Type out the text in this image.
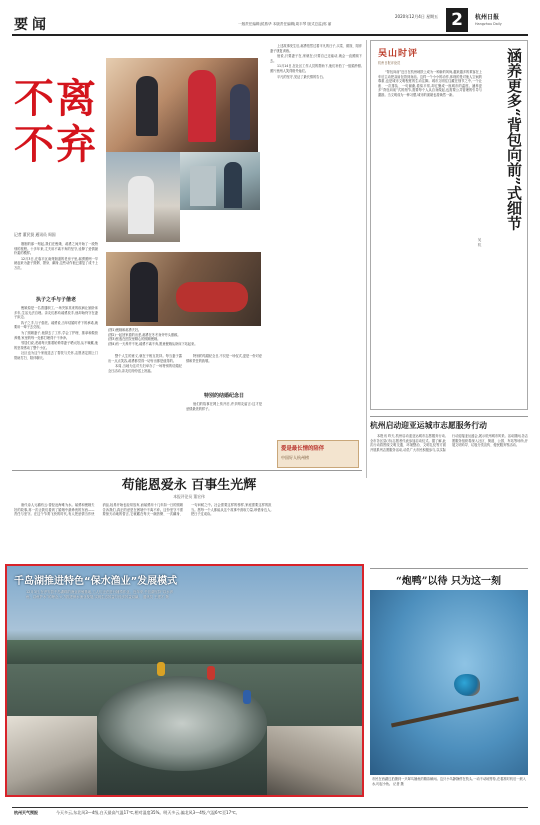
要闻	一版责任编辑|侯燕华 本版责任编辑|周丰琴 版式总监|郭 丽
2020年12月4日 星期五 2	杭州日报
Hangzhou Daily
不离
不弃
记者 董民贤 通讯员 周国
(图1)俊娥和郝勇夫妇。
(图2)一起回家看的出差,郝勇在冬冬身旁劳头照顾。
(图3)张逸在医院里精心的照顾俊娥。
(图4)有一天养并不死,郝勇不离不弃,愿意俊娥从卧床下站起来。

刚刚的那一刻起,我们在俊娥、郝勇之间开始了一段特别的旅程。十多年来,丈夫用不离不弃的坚守,诠释了爱情最朴素的模样。

12月3日,在临平区南苑街道的老房子里,郝勇照例一早就起来为妻子熬粥、擦身、翻身,这些动作他已重复了成千上万次。

执子之手与子偕老

俊娥原是一名普通职工,一场突如其来的疾病让她卧床多年,生活无法自理。亲友们都劝郝勇放手,他却始终守在妻子床边。

执子之手,与子偕老。郝勇说,当年结婚时许下的承诺,就要用一辈子去兑现。

为了照顾妻子,他辞去了工作,学会了护理、推拿和做营养餐,家里的每一处都打理得干干净净。

邻居们说,老郝每天推着轮椅带妻子晒太阳,从不喊累,他的坚持感动了整个小区。

社区也为这个家庭送去了帮扶与关怀,志愿者定期上门帮助打扫、陪伴聊天。	整个人生的意义,就在于相互扶持。每当妻子露出一点点笑容,郝勇都觉得一切付出都是值得的。

本周,当地为这对夫妇举办了一场特别的结婚纪念日活动,亲友们纷纷送上祝福。

特别的结婚纪念日,不仅是一场仪式,更是一份对爱情和责任的致敬。

特别的结婚纪念日

他们的故事在网上传开后,许多网友留言:这才是爱情最美的样子。

上述故事发生后,郝勇依然过着平凡的日子,买菜、做饭、陪伴妻子康复训练。

他说,只要妻子在,家就在;只要自己还能动,就会一直照顾下去。

11月14日,在社区工作人员的帮助下,他们补拍了一组婚纱照,照片里两人笑得格外灿烂。

平凡的坚守,见证了最长情的告白。

爱是最长情的陪伴
中国好人杭州榜
苟能恩爱永 百事生光辉
本报评论员 董宏伟

唐代诗人元稹有云:曾经沧海难为水。郝勇和俊娥夫妇的故事,再一次让我们看到了婚姻中最珍贵的东西——责任与坚守。在这个节奏飞快的时代,有人把爱情当作快消品,轻易开始也轻易放弃,而郝勇用十几年如一日的照顾告诉我们,真正的爱是在困境中不离不弃。这份坚守不需要惊天动地的誓言,它就藏在每天一碗热粥、一次翻身、一句问候之中。社会需要这样的榜样,家庭需要这样的担当。愿每一个人都能从这个故事中汲取力量,珍惜身边人,把日子过成诗。

千岛湖推进特色“保水渔业”发展模式
12月3日,在淳安县千岛湖畔的渔业养殖基地,工人们正在进行捕捞作业。近年来,千岛湖坚持“以水养鱼、以鱼护水”的理念,大力推进保水渔业发展,实现生态效益与经济效益双赢。 通讯员 王建才 摄
吴山时评
杭州日报评论员	涵养更多“背包向前”式细节
吴 杭

“背包向前”近日在杭州地铁上成为一种新的风尚,越来越多的乘客在上车后主动把双肩包背到身前。这样一个小小的动作,体现的是对他人空间的尊重,也是城市文明程度的生动注脚。城市文明往往藏在细节之中,一个让座、一次排队、一句谢谢,看似平常,却汇聚成一座城市的温度。涵养更多“背包向前”式的细节,需要每个人从自身做起,也需要公共管理的引导与激励。当文明成为一种习惯,城市的面貌也将焕然一新。

杭州启动迎亚运城市志愿服务行动

本报讯 昨天,杭州启动迎亚运城市志愿服务行动,全市各区县(市)志愿者代表参加启动仪式。据了解,此次行动将围绕文明交通、环境整治、文明礼仪等方面开展系列志愿服务活动,动员广大市民积极参与,以实际行动迎接亚运盛会,展示杭州城市风采。活动期间,各志愿服务组织将深入社区、街道、公园、车站等场所,开展文明劝导、垃圾分类宣传、便民服务等活动。

“炮鸭”以待 只为这一刻
市民在西湖边拍摄到一只翠鸟捕鱼的精彩瞬间。这只小鸟静静停在枝头,一动不动地等待,在看准时机后一跃入水,叼起小鱼。 记者 摄
杭州天气预报	今天多云,东北风3—4级,白天最高气温17℃,相对湿度35%。明天多云,偏北风3—4级,气温6℃至17℃。
